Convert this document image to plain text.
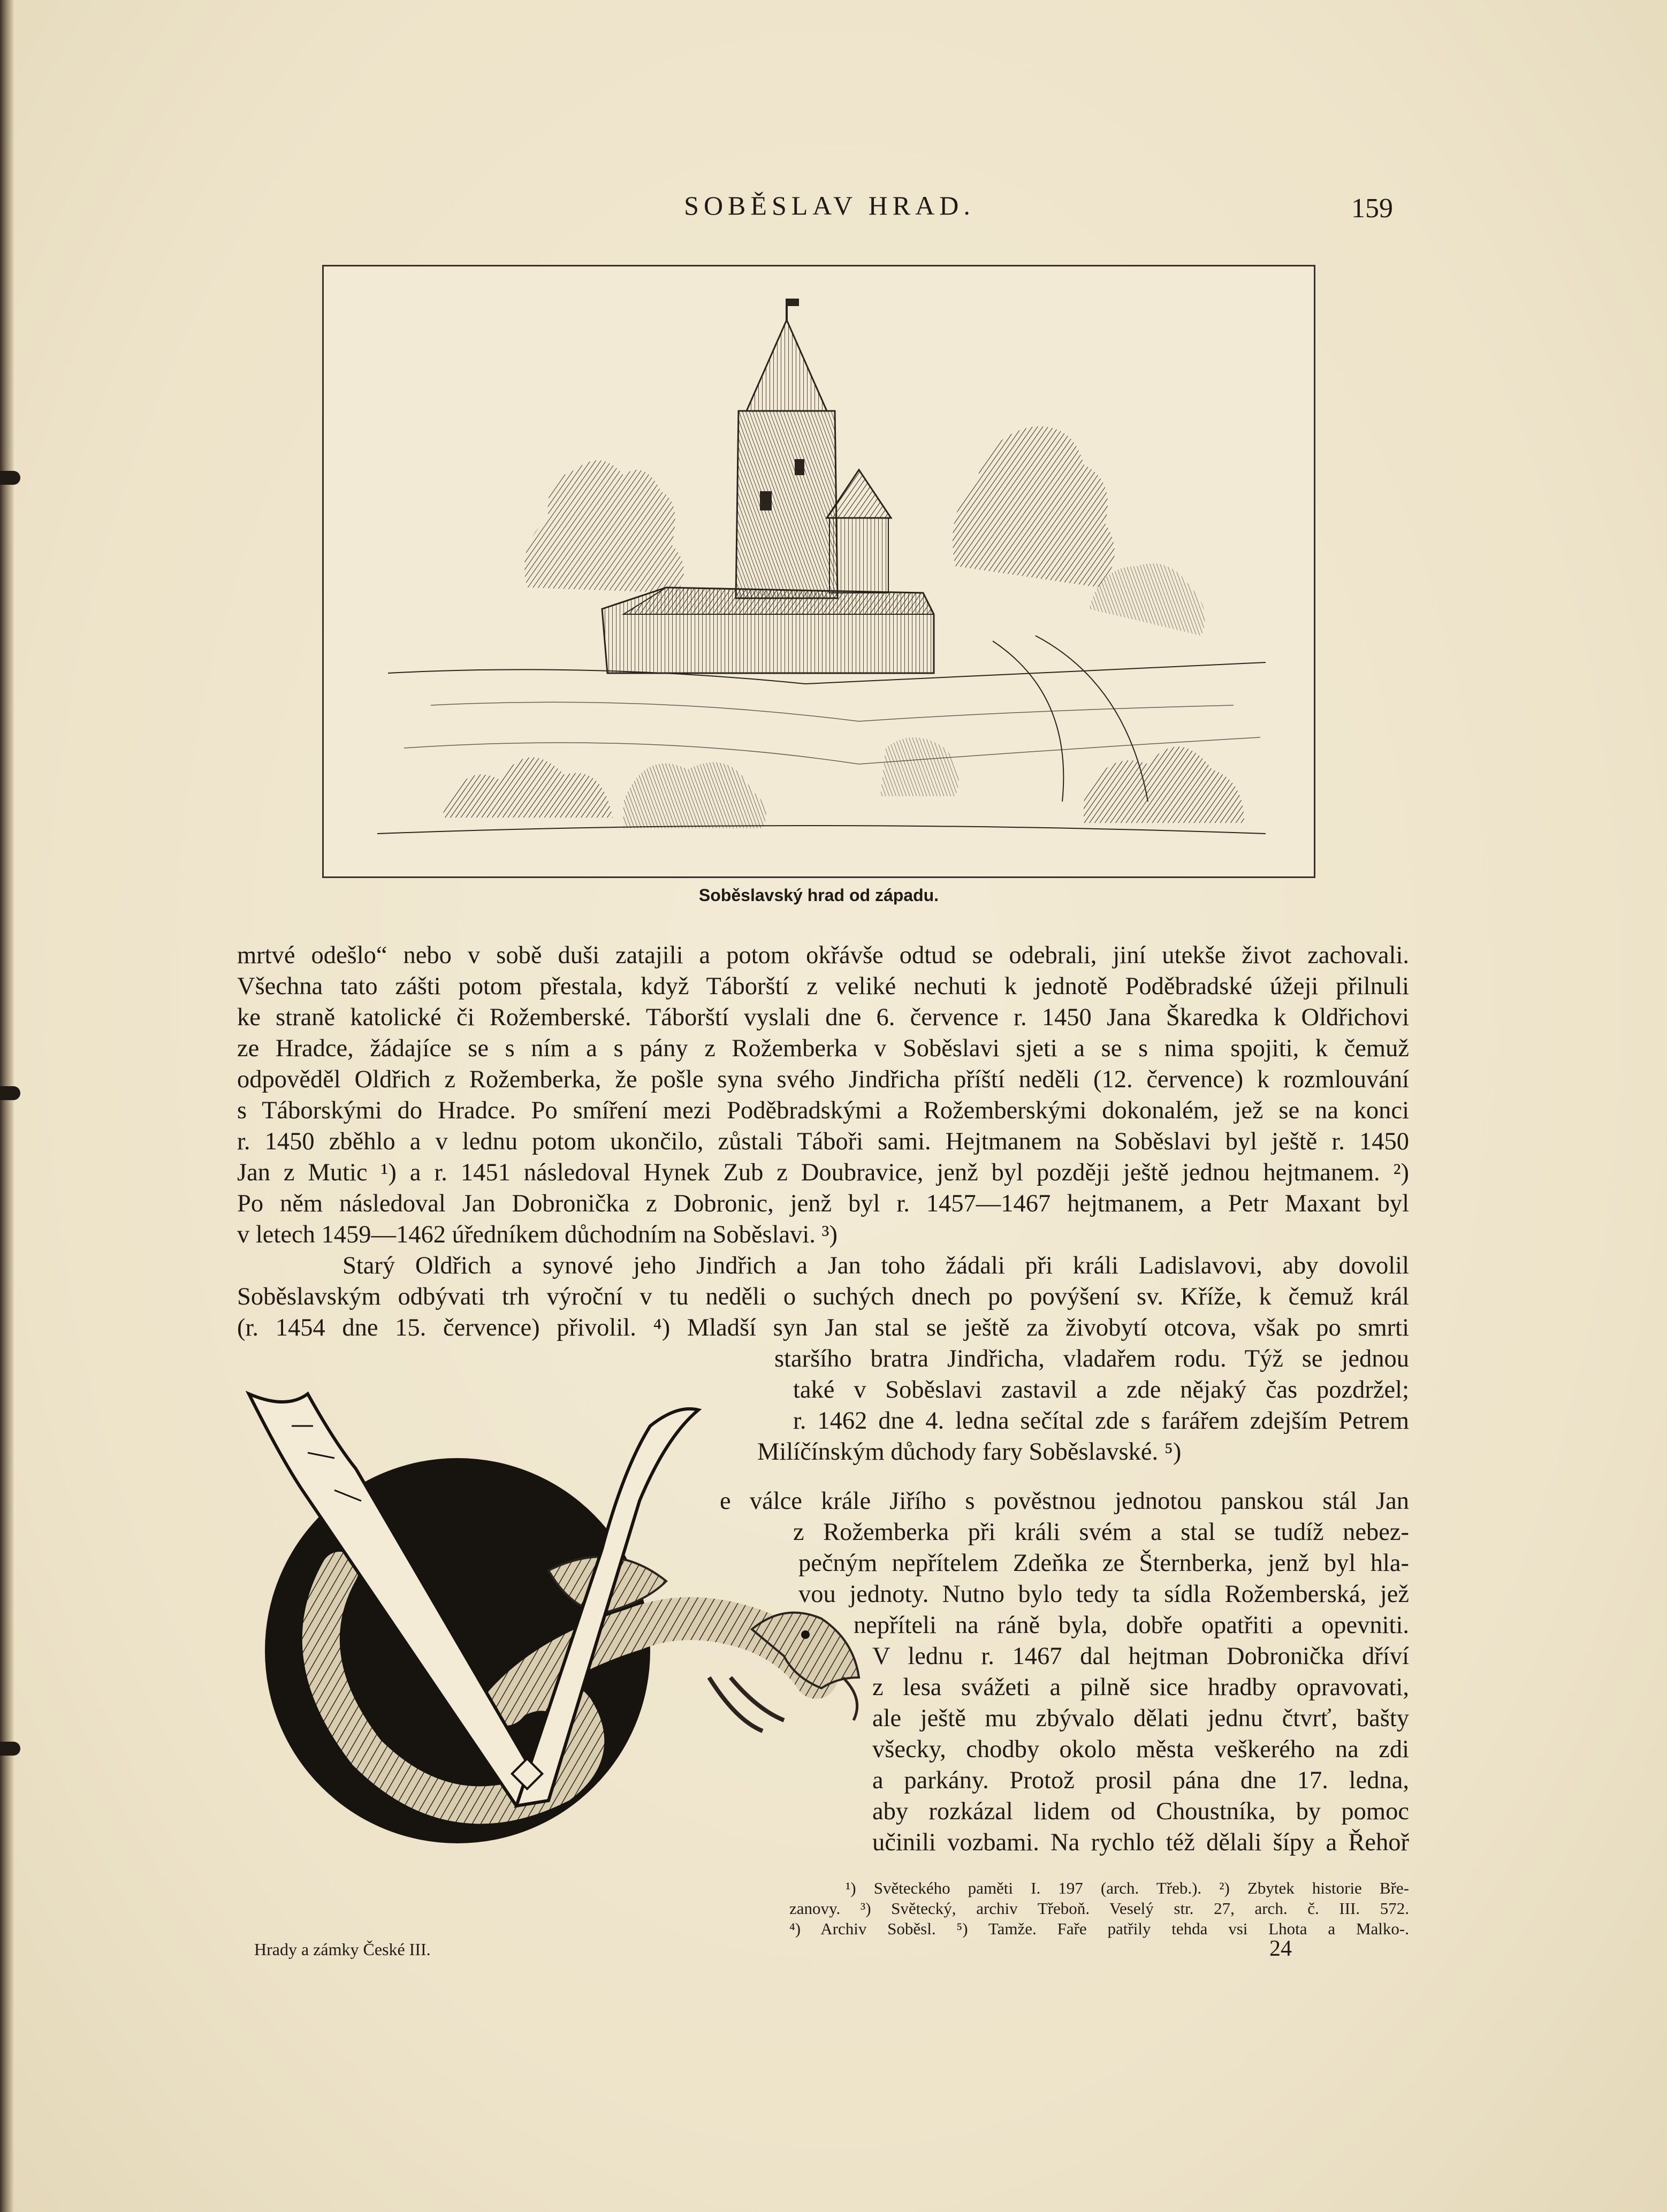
SOBĚSLAV HRAD.	159
Soběslavský hrad od západu.
mrtvé odešlo“ nebo v sobě duši zatajili a potom okřávše odtud se odebrali, jiní utekše život zachovali.
Všechna tato zášti potom přestala, když Táborští z veliké nechuti k jednotě Poděbradské úžeji přilnuli
ke straně katolické či Rožemberské. Táborští vyslali dne 6. července r. 1450 Jana Škaredka k Oldřichovi
ze Hradce, žádajíce se s ním a s pány z Rožemberka v Soběslavi sjeti a se s nima spojiti, k čemuž
odpověděl Oldřich z Rožemberka, že pošle syna svého Jindřicha příští neděli (12. července) k rozmlouvání
s Táborskými do Hradce. Po smíření mezi Poděbradskými a Rožemberskými dokonalém, jež se na konci
r. 1450 zběhlo a v lednu potom ukončilo, zůstali Táboři sami. Hejtmanem na Soběslavi byl ještě r. 1450
Jan z Mutic ¹) a r. 1451 následoval Hynek Zub z Doubravice, jenž byl později ještě jednou hejtmanem. ²)
Po něm následoval Jan Dobronička z Dobronic, jenž byl r. 1457—1467 hejtmanem, a Petr Maxant byl
v letech 1459—1462 úředníkem důchodním na Soběslavi. ³)
Starý Oldřich a synové jeho Jindřich a Jan toho žádali při králi Ladislavovi, aby dovolil
Soběslavským odbývati trh výroční v tu neděli o suchých dnech po povýšení sv. Kříže, k čemuž král
(r. 1454 dne 15. července) přivolil. ⁴) Mladší syn Jan stal se ještě za živobytí otcova, však po smrti
staršího bratra Jindřicha, vladařem rodu. Týž se jednou
také v Soběslavi zastavil a zde nějaký čas pozdržel;
r. 1462 dne 4. ledna sečítal zde s farářem zdejším Petrem
Milíčínským důchody fary Soběslavské. ⁵)
e válce krále Jiřího s pověstnou jednotou panskou stál Jan
z Rožemberka při králi svém a stal se tudíž nebez-
pečným nepřítelem Zdeňka ze Šternberka, jenž byl hla-
vou jednoty. Nutno bylo tedy ta sídla Rožemberská, jež
nepříteli na ráně byla, dobře opatřiti a opevniti.
V lednu r. 1467 dal hejtman Dobronička dříví
z lesa svážeti a pilně sice hradby opravovati,
ale ještě mu zbývalo dělati jednu čtvrť, bašty
všecky, chodby okolo města veškerého na zdi
a parkány. Protož prosil pána dne 17. ledna,
aby rozkázal lidem od Choustníka, by pomoc
učinili vozbami. Na rychlo též dělali šípy a Řehoř
¹) Světeckého paměti I. 197 (arch. Třeb.). ²) Zbytek historie Bře-
zanovy. ³) Světecký, archiv Třeboň. Veselý str. 27, arch. č. III. 572.
⁴) Archiv Soběsl. ⁵) Tamže. Faře patřily tehda vsi Lhota a Malko-.
Hrady a zámky České III.	24
